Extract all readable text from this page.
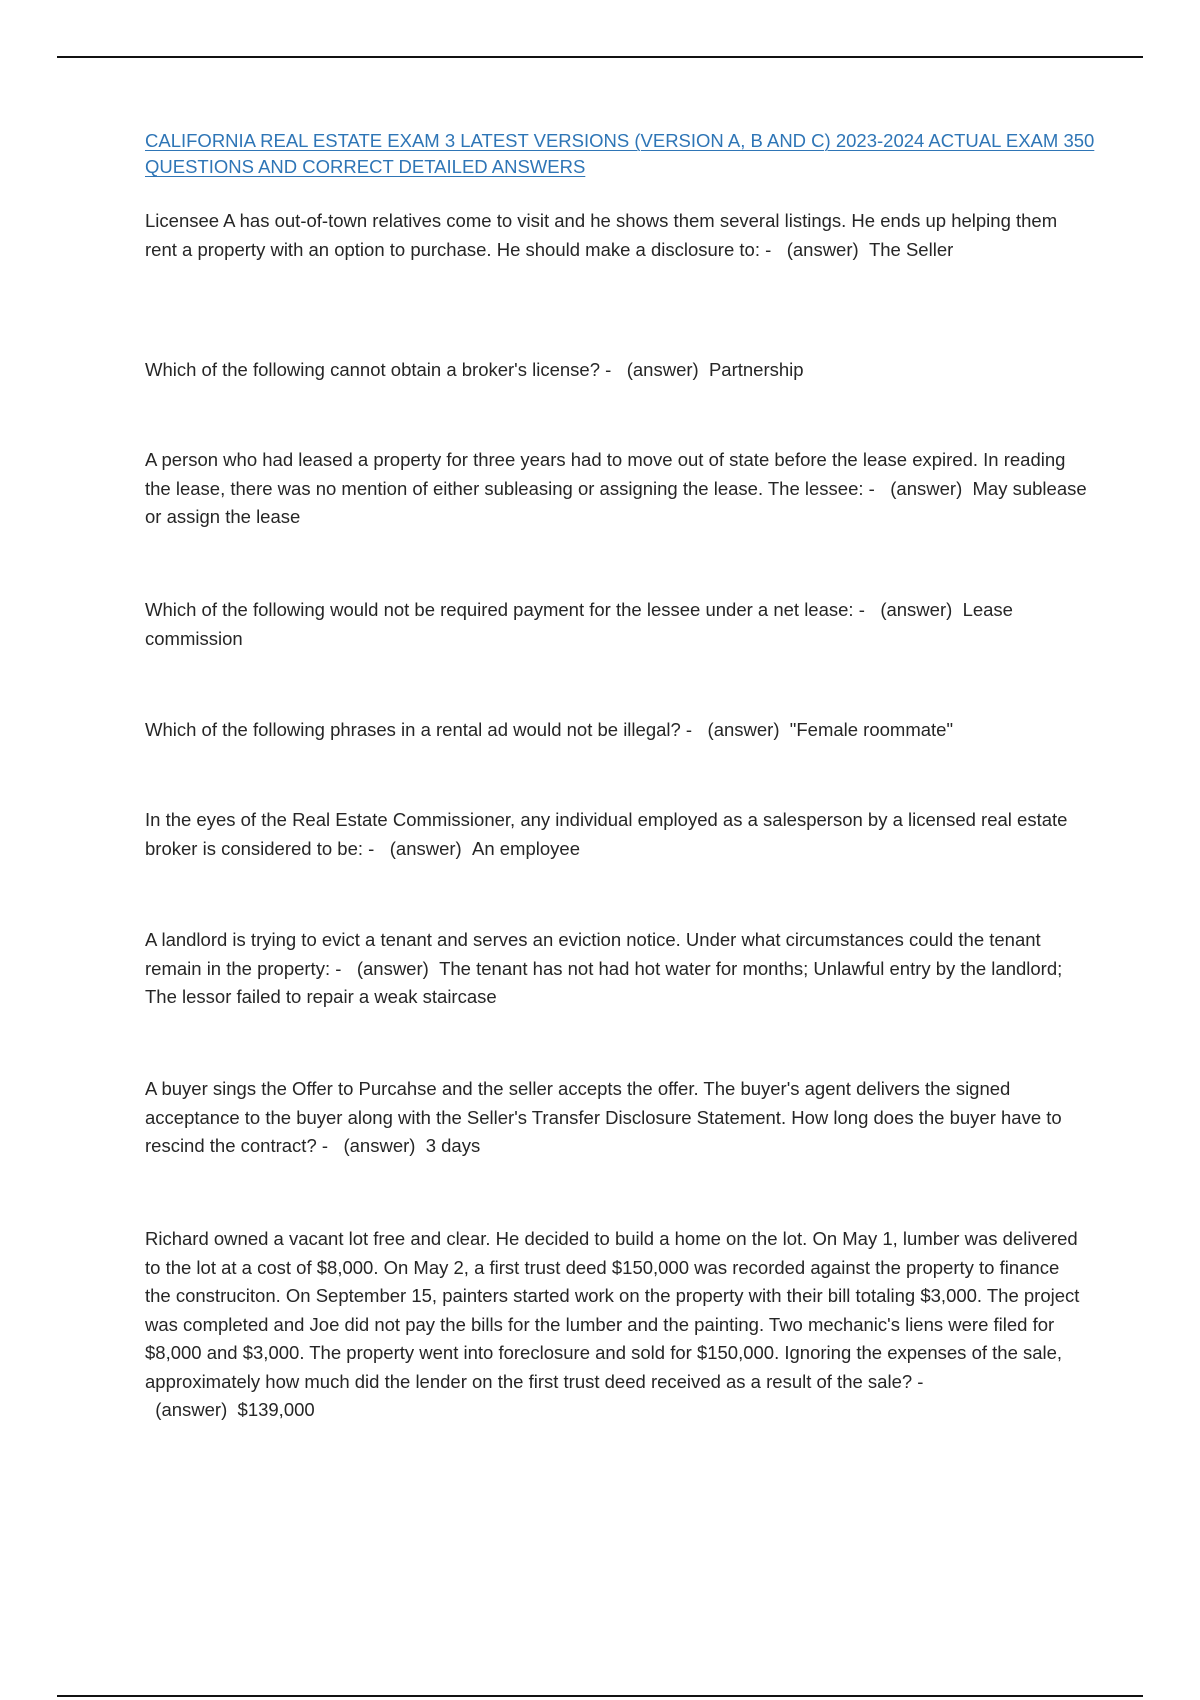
CALIFORNIA REAL ESTATE EXAM 3 LATEST VERSIONS (VERSION A, B AND C) 2023-2024 ACTUAL EXAM 350 QUESTIONS AND CORRECT DETAILED ANSWERS

Licensee A has out-of-town relatives come to visit and he shows them several listings. He ends up helping them rent a property with an option to purchase. He should make a disclosure to: -   (answer) The Seller

Which of the following cannot obtain a broker's license? -   (answer) Partnership

A person who had leased a property for three years had to move out of state before the lease expired. In reading the lease, there was no mention of either subleasing or assigning the lease. The lessee: -   (answer) May sublease or assign the lease

Which of the following would not be required payment for the lessee under a net lease: -   (answer) Lease commission

Which of the following phrases in a rental ad would not be illegal? -   (answer) "Female roommate"

In the eyes of the Real Estate Commissioner, any individual employed as a salesperson by a licensed real estate broker is considered to be: -   (answer) An employee

A landlord is trying to evict a tenant and serves an eviction notice. Under what circumstances could the tenant remain in the property: -   (answer) The tenant has not had hot water for months; Unlawful entry by the landlord; The lessor failed to repair a weak staircase

A buyer sings the Offer to Purcahse and the seller accepts the offer. The buyer's agent delivers the signed acceptance to the buyer along with the Seller's Transfer Disclosure Statement. How long does the buyer have to rescind the contract? -   (answer) 3 days

Richard owned a vacant lot free and clear. He decided to build a home on the lot. On May 1, lumber was delivered to the lot at a cost of $8,000. On May 2, a first trust deed $150,000 was recorded against the property to finance the construciton. On September 15, painters started work on the property with their bill totaling $3,000. The project was completed and Joe did not pay the bills for the lumber and the painting. Two mechanic's liens were filed for $8,000 and $3,000. The property went into foreclosure and sold for $150,000. Ignoring the expenses of the sale, approximately how much did the lender on the first trust deed received as a result of the sale? -   (answer) $139,000
